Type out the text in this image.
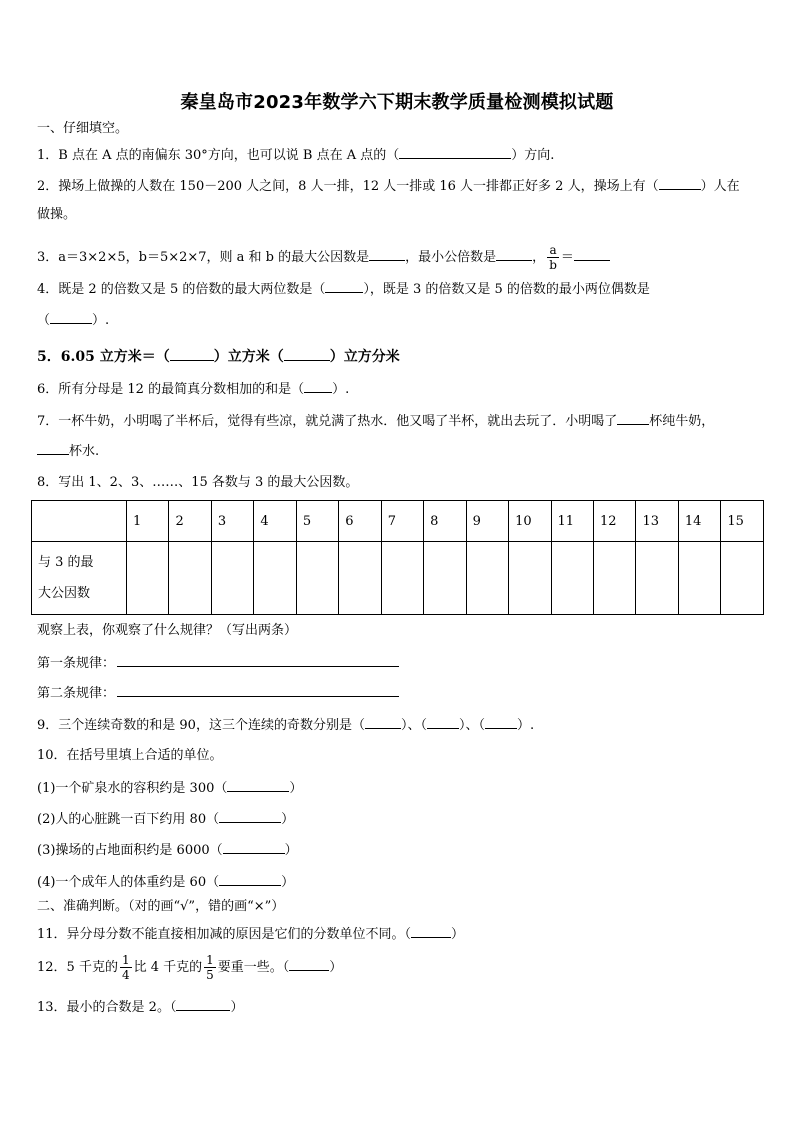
秦皇岛市2023年数学六下期末教学质量检测模拟试题
一、仔细填空。
1．B 点在 A 点的南偏东 30°方向，也可以说 B 点在 A 点的（	）方向.
2．操场上做操的人数在 150－200 人之间，8 人一排，12 人一排或 16 人一排都正好多 2 人，操场上有（	）人在
做操。
3．a＝3×2×5，b＝5×2×7，则 a 和 b 的最大公因数是	，最小公倍数是	， $\frac{a}{b}$ ＝
4．既是 2 的倍数又是 5 的倍数的最大两位数是（	），既是 3 的倍数又是 5 的倍数的最小两位偶数是
（	）.
5．6.05 立方米＝（	）立方米（	）立方分米
6．所有分母是 12 的最简真分数相加的和是（ ）.
7．一杯牛奶，小明喝了半杯后，觉得有些凉，就兑满了热水．他又喝了半杯，就出去玩了．小明喝了 杯纯牛奶，
杯水.
8．写出 1、2、3、……、15 各数与 3 的最大公因数。
	1	2	3	4	5	6	7	8	9	10	11	12	13	14	15
与 3 的最
大公因数															
观察上表，你观察了什么规律？（写出两条）
第一条规律：
第二条规律：
9．三个连续奇数的和是 90，这三个连续的奇数分别是（	）、（ ）、（ ）.
10．在括号里填上合适的单位。
(1)一个矿泉水的容积约是 300（	）
(2)人的心脏跳一百下约用 80（	）
(3)操场的占地面积约是 6000（	）
(4)一个成年人的体重约是 60（	）
二、准确判断。（对的画“√”，错的画“×”）
11．异分母分数不能直接相加减的原因是它们的分数单位不同。（	）
12．5 千克的 $\frac{1}{4}$ 比 4 千克的 $\frac{1}{5}$ 要重一些。（	）
13．最小的合数是 2。（	）
